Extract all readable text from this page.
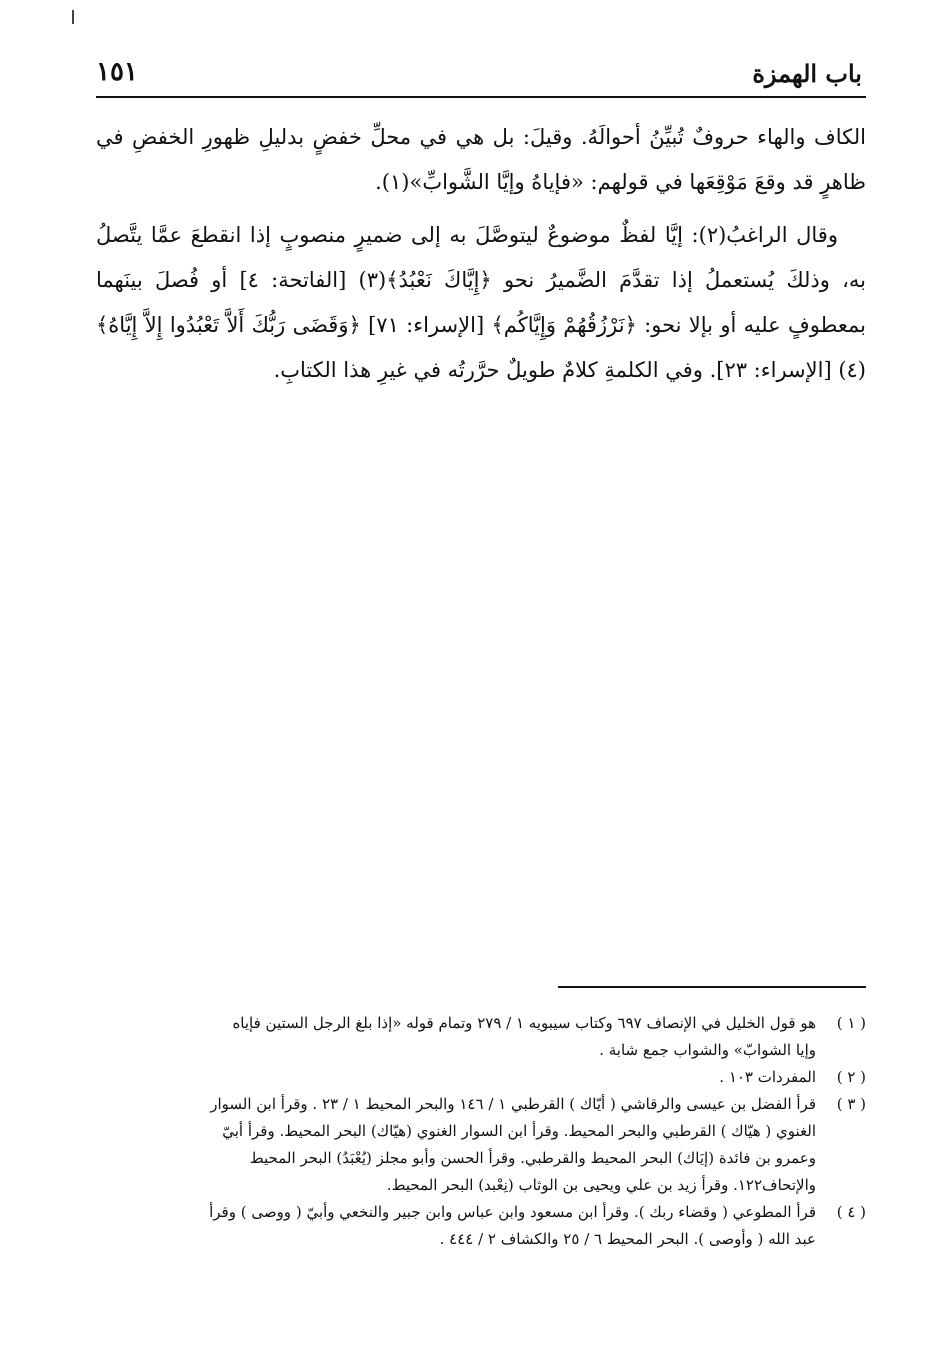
باب الهمزة
١٥١

الكاف والهاء حروفٌ تُبيِّنُ أحوالَهُ. وقيلَ: بل هي في محلِّ خفضٍ بدليلِ ظهورِ الخفضِ في ظاهرٍ قد وقعَ مَوْقِعَها في قولهم: «فإياهُ وإيَّا الشَّوابِّ»(١).

وقال الراغبُ(٢): إيَّا لفظٌ موضوعٌ ليتوصَّلَ به إلى ضميرٍ منصوبٍ إذا انقطعَ عمَّا يتَّصلُ به، وذلكَ يُستعملُ إذا تقدَّمَ الضَّميرُ نحو ﴿إِيَّاكَ نَعْبُدُ﴾(٣) [الفاتحة: ٤] أو فُصلَ بينَهما بمعطوفٍ عليه أو بإلا نحو: ﴿نَرْزُقُهُمْ وَإِيَّاكُم﴾ [الإسراء: ٧١] ﴿وَقَضَى رَبُّكَ أَلاَّ تَعْبُدُوا إِلاَّ إِيَّاهُ﴾(٤) [الإسراء: ٢٣]. وفي الكلمةِ كلامٌ طويلٌ حرَّرتُه في غيرِ هذا الكتابِ.

( ١ )
هو قول الخليل في الإنصاف ٦٩٧ وكتاب سيبويه ١ / ٢٧٩ وتمام قوله «إذا بلغ الرجل الستين فإياه
وإيا الشوابّ» والشواب جمع شابة .
( ٢ )
المفردات ١٠٣ .
( ٣ )
قرأ الفضل بن عيسى والرقاشي ( أيّاك ) القرطبي ١ / ١٤٦ والبحر المحيط ١ / ٢٣ . وقرأ ابن السوار
الغنوي ( هيّاك ) القرطبي والبحر المحيط. وقرأ ابن السوار الغنوي (هيّاك) البحر المحيط. وقرأ أبيّ
وعمرو بن فائدة (إيَاك) البحر المحيط والقرطبي. وقرأ الحسن وأبو مجلز (يُعْبَدُ) البحر المحيط
والإتحاف١٢٢. وقرأ زيد بن علي ويحيى بن الوثاب (نِعْبد) البحر المحيط.
( ٤ )
قرأ المطوعي ( وقضاء ربك ). وقرأ ابن مسعود وابن عباس وابن جبير والنخعي وأبيّ ( ووصى ) وقرأ
عبد الله ( وأوصى ). البحر المحيط ٦ / ٢٥ والكشاف ٢ / ٤٤٤ .
